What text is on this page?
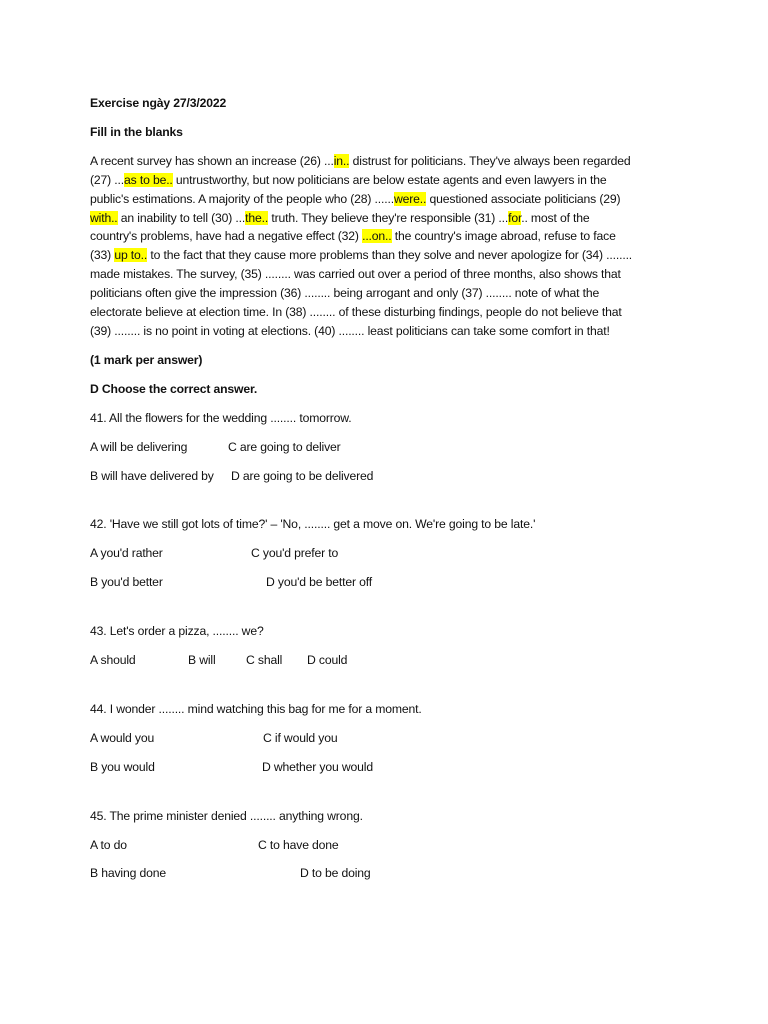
Exercise ngày 27/3/2022
Fill in the blanks
A recent survey has shown an increase (26) ...in.. distrust for politicians. They've always been regarded
(27) ...as to be.. untrustworthy, but now politicians are below estate agents and even lawyers in the
public's estimations. A majority of the people who (28) ......were.. questioned associate politicians (29)
with.. an inability to tell (30) ...the.. truth. They believe they're responsible (31) ...for.. most of the
country's problems, have had a negative effect (32) ...on.. the country's image abroad, refuse to face
(33) up to.. to the fact that they cause more problems than they solve and never apologize for (34) ........
made mistakes. The survey, (35) ........ was carried out over a period of three months, also shows that
politicians often give the impression (36) ........ being arrogant and only (37) ........ note of what the
electorate believe at election time. In (38) ........ of these disturbing findings, people do not believe that
(39) ........ is no point in voting at elections. (40) ........ least politicians can take some comfort in that!
(1 mark per answer)
D Choose the correct answer.
41. All the flowers for the wedding ........ tomorrow.
A will be delivering	C are going to deliver
B will have delivered by	D are going to be delivered
42. 'Have we still got lots of time?' – 'No, ........ get a move on. We're going to be late.'
A you'd rather	C you'd prefer to
B you'd better	D you'd be better off
43. Let's order a pizza, ........ we?
A should	B will	C shall	D could
44. I wonder ........ mind watching this bag for me for a moment.
A would you	C if would you
B you would	D whether you would
45. The prime minister denied ........ anything wrong.
A to do	C to have done
B having done	D to be doing
